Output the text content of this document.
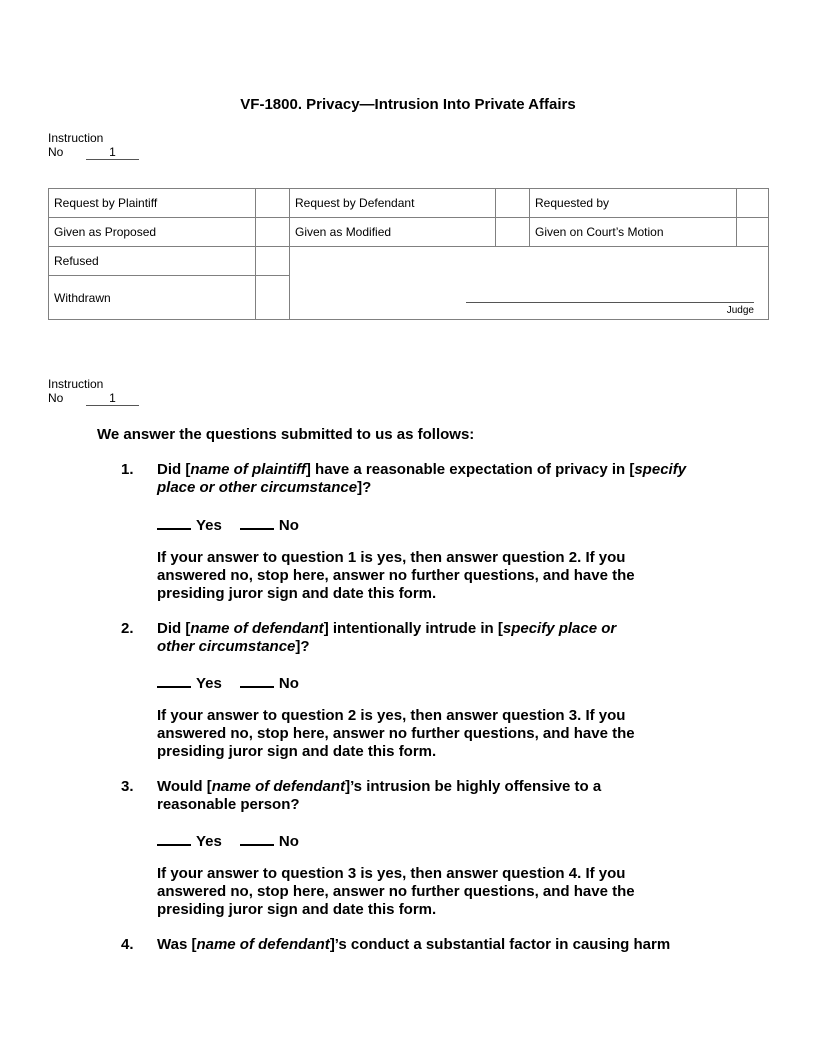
VF-1800. Privacy—Intrusion Into Private Affairs
Instruction
No	1
Request by Plaintiff		Request by Defendant		Requested by	
Given as Proposed		Given as Modified		Given on Court’s Motion	
Refused		Judge			

Withdrawn					
Instruction
No	1
We answer the questions submitted to us as follows:
1. Did [name of plaintiff] have a reasonable expectation of privacy in [specify place or other circumstance]?
Yes	No
If your answer to question 1 is yes, then answer question 2. If you answered no, stop here, answer no further questions, and have the presiding juror sign and date this form.
2. Did [name of defendant] intentionally intrude in [specify place or other circumstance]?
Yes	No
If your answer to question 2 is yes, then answer question 3. If you answered no, stop here, answer no further questions, and have the presiding juror sign and date this form.
3. Would [name of defendant]’s intrusion be highly offensive to a reasonable person?
Yes	No
If your answer to question 3 is yes, then answer question 4. If you answered no, stop here, answer no further questions, and have the presiding juror sign and date this form.
4. Was [name of defendant]’s conduct a substantial factor in causing harm
